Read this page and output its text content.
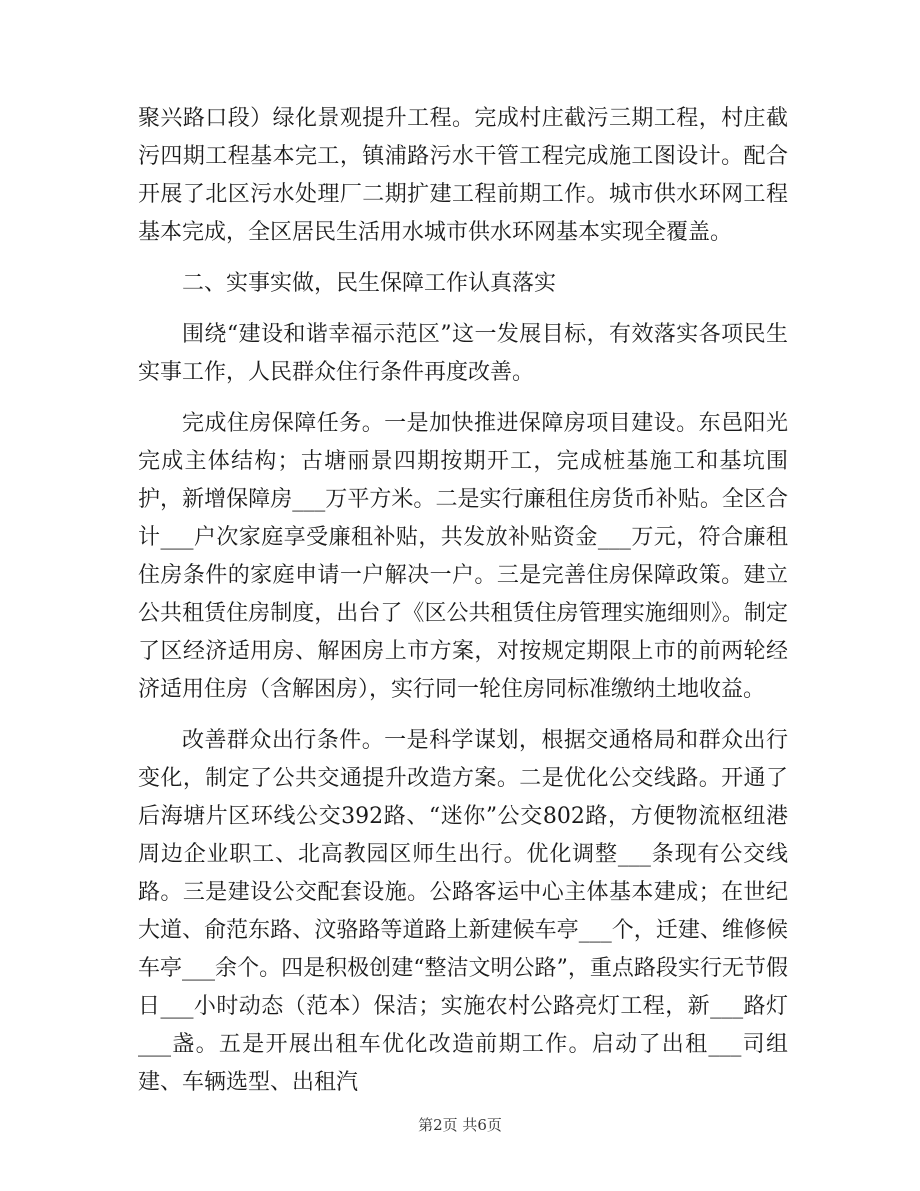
聚兴路口段）绿化景观提升工程。完成村庄截污三期工程，村庄截污四期工程基本完工，镇浦路污水干管工程完成施工图设计。配合开展了北区污水处理厂二期扩建工程前期工作。城市供水环网工程基本完成，全区居民生活用水城市供水环网基本实现全覆盖。

二、实事实做，民生保障工作认真落实

围绕“建设和谐幸福示范区”这一发展目标，有效落实各项民生实事工作，人民群众住行条件再度改善。

完成住房保障任务。一是加快推进保障房项目建设。东邑阳光完成主体结构；古塘丽景四期按期开工，完成桩基施工和基坑围护，新增保障房___万平方米。二是实行廉租住房货币补贴。全区合计___户次家庭享受廉租补贴，共发放补贴资金___万元，符合廉租住房条件的家庭申请一户解决一户。三是完善住房保障政策。建立公共租赁住房制度，出台了《区公共租赁住房管理实施细则》。制定了区经济适用房、解困房上市方案，对按规定期限上市的前两轮经济适用住房（含解困房），实行同一轮住房同标准缴纳土地收益。

改善群众出行条件。一是科学谋划，根据交通格局和群众出行变化，制定了公共交通提升改造方案。二是优化公交线路。开通了后海塘片区环线公交392路、“迷你”公交802路，方便物流枢纽港周边企业职工、北高教园区师生出行。优化调整___条现有公交线路。三是建设公交配套设施。公路客运中心主体基本建成；在世纪大道、俞范东路、汶骆路等道路上新建候车亭___个，迁建、维修候车亭___余个。四是积极创建“整洁文明公路”，重点路段实行无节假日___小时动态（范本）保洁；实施农村公路亮灯工程，新___路灯___盏。五是开展出租车优化改造前期工作。启动了出租___司组建、车辆选型、出租汽

第2页 共6页
